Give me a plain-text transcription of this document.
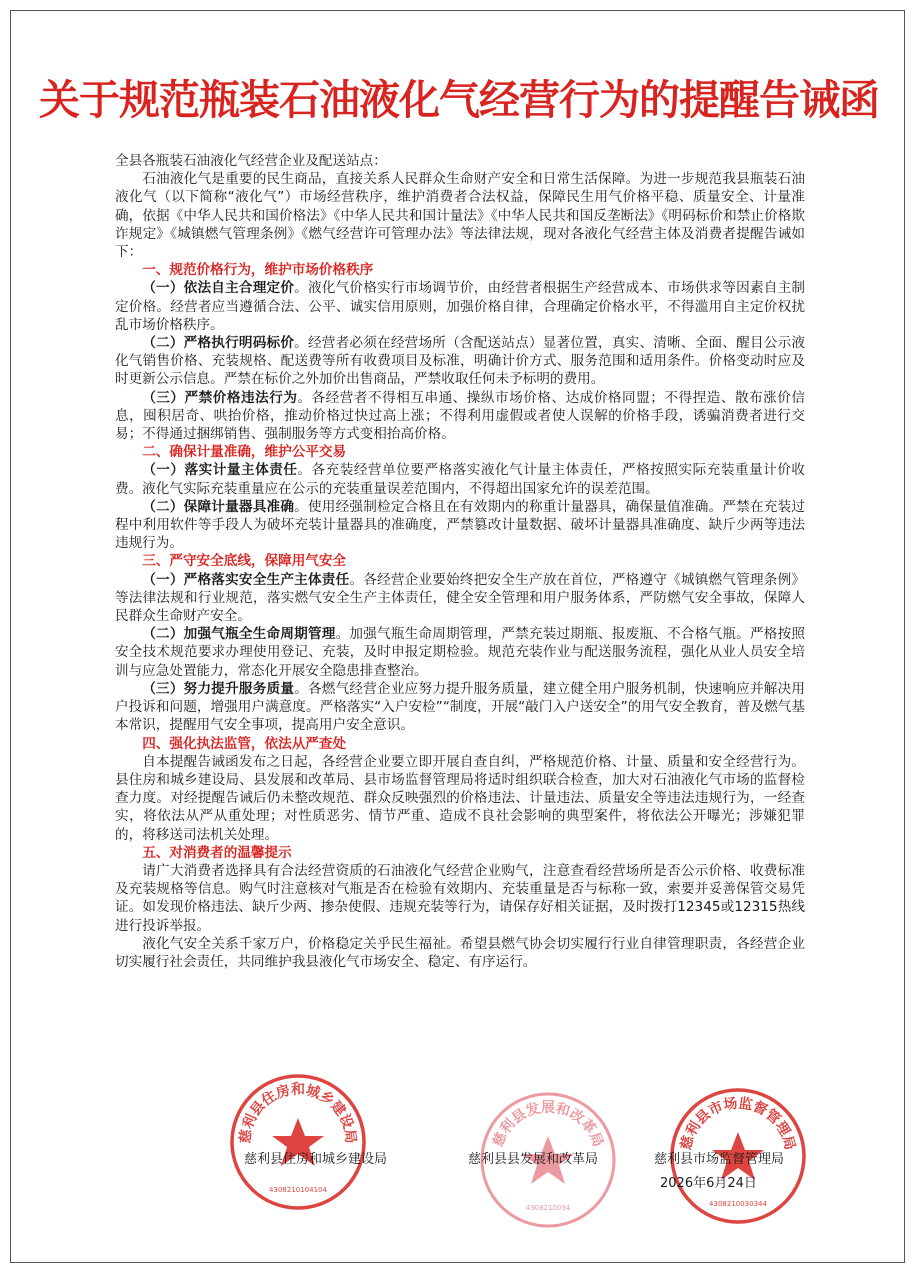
关于规范瓶装石油液化气经营行为的提醒告诫函

全县各瓶装石油液化气经营企业及配送站点：

石油液化气是重要的民生商品，直接关系人民群众生命财产安全和日常生活保障。为进一步规范我县瓶装石油液化气（以下简称“液化气”）市场经营秩序，维护消费者合法权益，保障民生用气价格平稳、质量安全、计量准确，依据《中华人民共和国价格法》《中华人民共和国计量法》《中华人民共和国反垄断法》《明码标价和禁止价格欺诈规定》《城镇燃气管理条例》《燃气经营许可管理办法》等法律法规，现对各液化气经营主体及消费者提醒告诫如下：

一、规范价格行为，维护市场价格秩序

（一）依法自主合理定价。液化气价格实行市场调节价，由经营者根据生产经营成本、市场供求等因素自主制定价格。经营者应当遵循合法、公平、诚实信用原则，加强价格自律，合理确定价格水平，不得滥用自主定价权扰乱市场价格秩序。

（二）严格执行明码标价。经营者必须在经营场所（含配送站点）显著位置，真实、清晰、全面、醒目公示液化气销售价格、充装规格、配送费等所有收费项目及标准，明确计价方式、服务范围和适用条件。价格变动时应及时更新公示信息。严禁在标价之外加价出售商品，严禁收取任何未予标明的费用。

（三）严禁价格违法行为。各经营者不得相互串通、操纵市场价格、达成价格同盟；不得捏造、散布涨价信息，囤积居奇、哄抬价格，推动价格过快过高上涨；不得利用虚假或者使人误解的价格手段，诱骗消费者进行交易；不得通过捆绑销售、强制服务等方式变相抬高价格。

二、确保计量准确，维护公平交易

（一）落实计量主体责任。各充装经营单位要严格落实液化气计量主体责任，严格按照实际充装重量计价收费。液化气实际充装重量应在公示的充装重量误差范围内，不得超出国家允许的误差范围。

（二）保障计量器具准确。使用经强制检定合格且在有效期内的称重计量器具，确保量值准确。严禁在充装过程中利用软件等手段人为破坏充装计量器具的准确度，严禁篡改计量数据、破坏计量器具准确度、缺斤少两等违法违规行为。

三、严守安全底线，保障用气安全

（一）严格落实安全生产主体责任。各经营企业要始终把安全生产放在首位，严格遵守《城镇燃气管理条例》等法律法规和行业规范，落实燃气安全生产主体责任，健全安全管理和用户服务体系，严防燃气安全事故，保障人民群众生命财产安全。

（二）加强气瓶全生命周期管理。加强气瓶生命周期管理，严禁充装过期瓶、报废瓶、不合格气瓶。严格按照安全技术规范要求办理使用登记、充装，及时申报定期检验。规范充装作业与配送服务流程，强化从业人员安全培训与应急处置能力，常态化开展安全隐患排查整治。

（三）努力提升服务质量。各燃气经营企业应努力提升服务质量，建立健全用户服务机制，快速响应并解决用户投诉和问题，增强用户满意度。严格落实“入户安检”“制度，开展“敲门入户送安全”的用气安全教育，普及燃气基本常识，提醒用气安全事项，提高用户安全意识。

四、强化执法监管，依法从严查处

自本提醒告诫函发布之日起，各经营企业要立即开展自查自纠，严格规范价格、计量、质量和安全经营行为。县住房和城乡建设局、县发展和改革局、县市场监督管理局将适时组织联合检查，加大对石油液化气市场的监督检查力度。对经提醒告诫后仍未整改规范、群众反映强烈的价格违法、计量违法、质量安全等违法违规行为，一经查实，将依法从严从重处理；对性质恶劣、情节严重、造成不良社会影响的典型案件，将依法公开曝光；涉嫌犯罪的，将移送司法机关处理。

五、对消费者的温馨提示

请广大消费者选择具有合法经营资质的石油液化气经营企业购气，注意查看经营场所是否公示价格、收费标准及充装规格等信息。购气时注意核对气瓶是否在检验有效期内、充装重量是否与标称一致，索要并妥善保管交易凭证。如发现价格违法、缺斤少两、掺杂使假、违规充装等行为，请保存好相关证据，及时拨打12345或12315热线进行投诉举报。

液化气安全关系千家万户，价格稳定关乎民生福祉。希望县燃气协会切实履行行业自律管理职责，各经营企业切实履行社会责任，共同维护我县液化气市场安全、稳定、有序运行。

慈利县住房和城乡建设局
4308210104104
慈利县发展和改革局
4308210034
慈利县市场监督管理局
4308210030344
慈利县住房和城乡建设局	慈利县县发展和改革局	慈利县市场监督管理局
2026年6月24日
